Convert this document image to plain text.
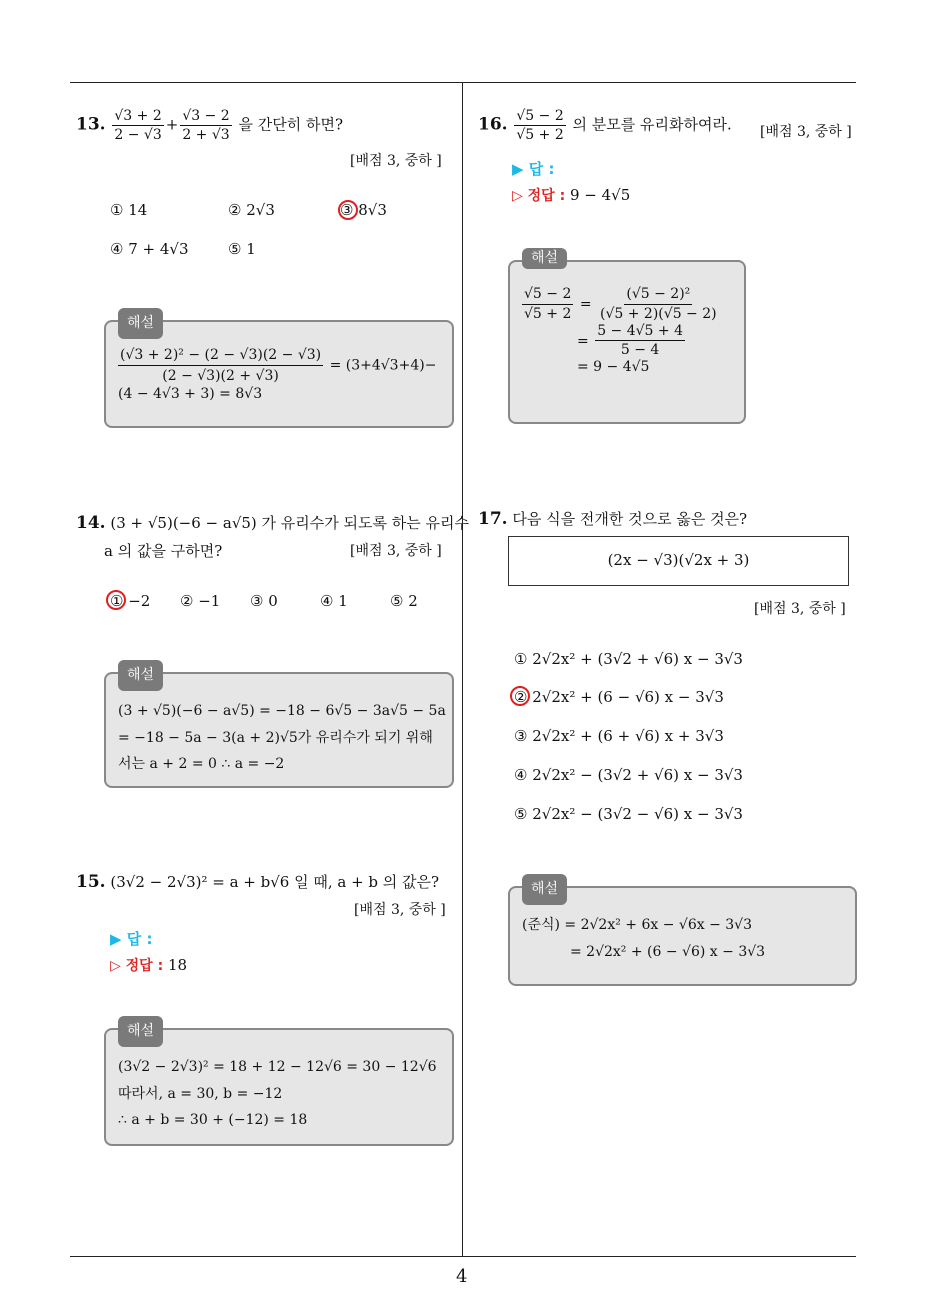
4
13. $\frac{√3 + 2}{2 - √3} + \frac{√3 - 2}{2 + √3}$ 을 간단히 하면?
[배점 3, 중하 ]
① 14	② 2√3	③ 8√3
④ 7 + 4√3	⑤ 1
해설
$\frac{\text{(√3 + 2)² − (2 − √3)(2 − √3)}}{(2 - √3)(2 + √3)} = (3+4√3+4)-$
(4 − 4√3 + 3) = 8√3
14. (3 + √5)(−6 − a√5) 가 유리수가 되도록 하는 유리수
a 의 값을 구하면?	[배점 3, 중하 ]
① −2 ② −1 ③ 0	④ 1	⑤ 2
해설
(3 + √5)(−6 − a√5) = −18 − 6√5 − 3a√5 − 5a
= −18 − 5a − 3(a + 2)√5가 유리수가 되기 위해
서는 a + 2 = 0 ∴ a = −2
15. (3√2 − 2√3)² = a + b√6 일 때, a + b 의 값은?
[배점 3, 중하 ]
▶ 답 :
▷ 정답 : 18
해설
(3√2 − 2√3)² = 18 + 12 − 12√6 = 30 − 12√6
따라서, a = 30, b = −12
∴ a + b = 30 + (−12) = 18
16. $\frac{√5 - 2}{√5 + 2}$ 의 분모를 유리화하여라. [배점 3, 중하 ]
▶ 답 :
▷ 정답 : 9 − 4√5
해설
$\frac{√5 - 2}{√5 + 2} = \frac{\text{(√5 − 2)²}}{(√5 + 2)(√5 - 2)}$
= $\frac{5 - 4√5 + 4}{5 - 4}$
= 9 − 4√5
17. 다음 식을 전개한 것으로 옳은 것은?
(2x − √3)(√2x + 3)
[배점 3, 중하 ]
① 2√2x² + (3√2 + √6) x − 3√3
② 2√2x² + (6 − √6) x − 3√3
③ 2√2x² + (6 + √6) x + 3√3
④ 2√2x² − (3√2 + √6) x − 3√3
⑤ 2√2x² − (3√2 − √6) x − 3√3
해설
(준식) = 2√2x² + 6x − √6x − 3√3
= 2√2x² + (6 − √6) x − 3√3
